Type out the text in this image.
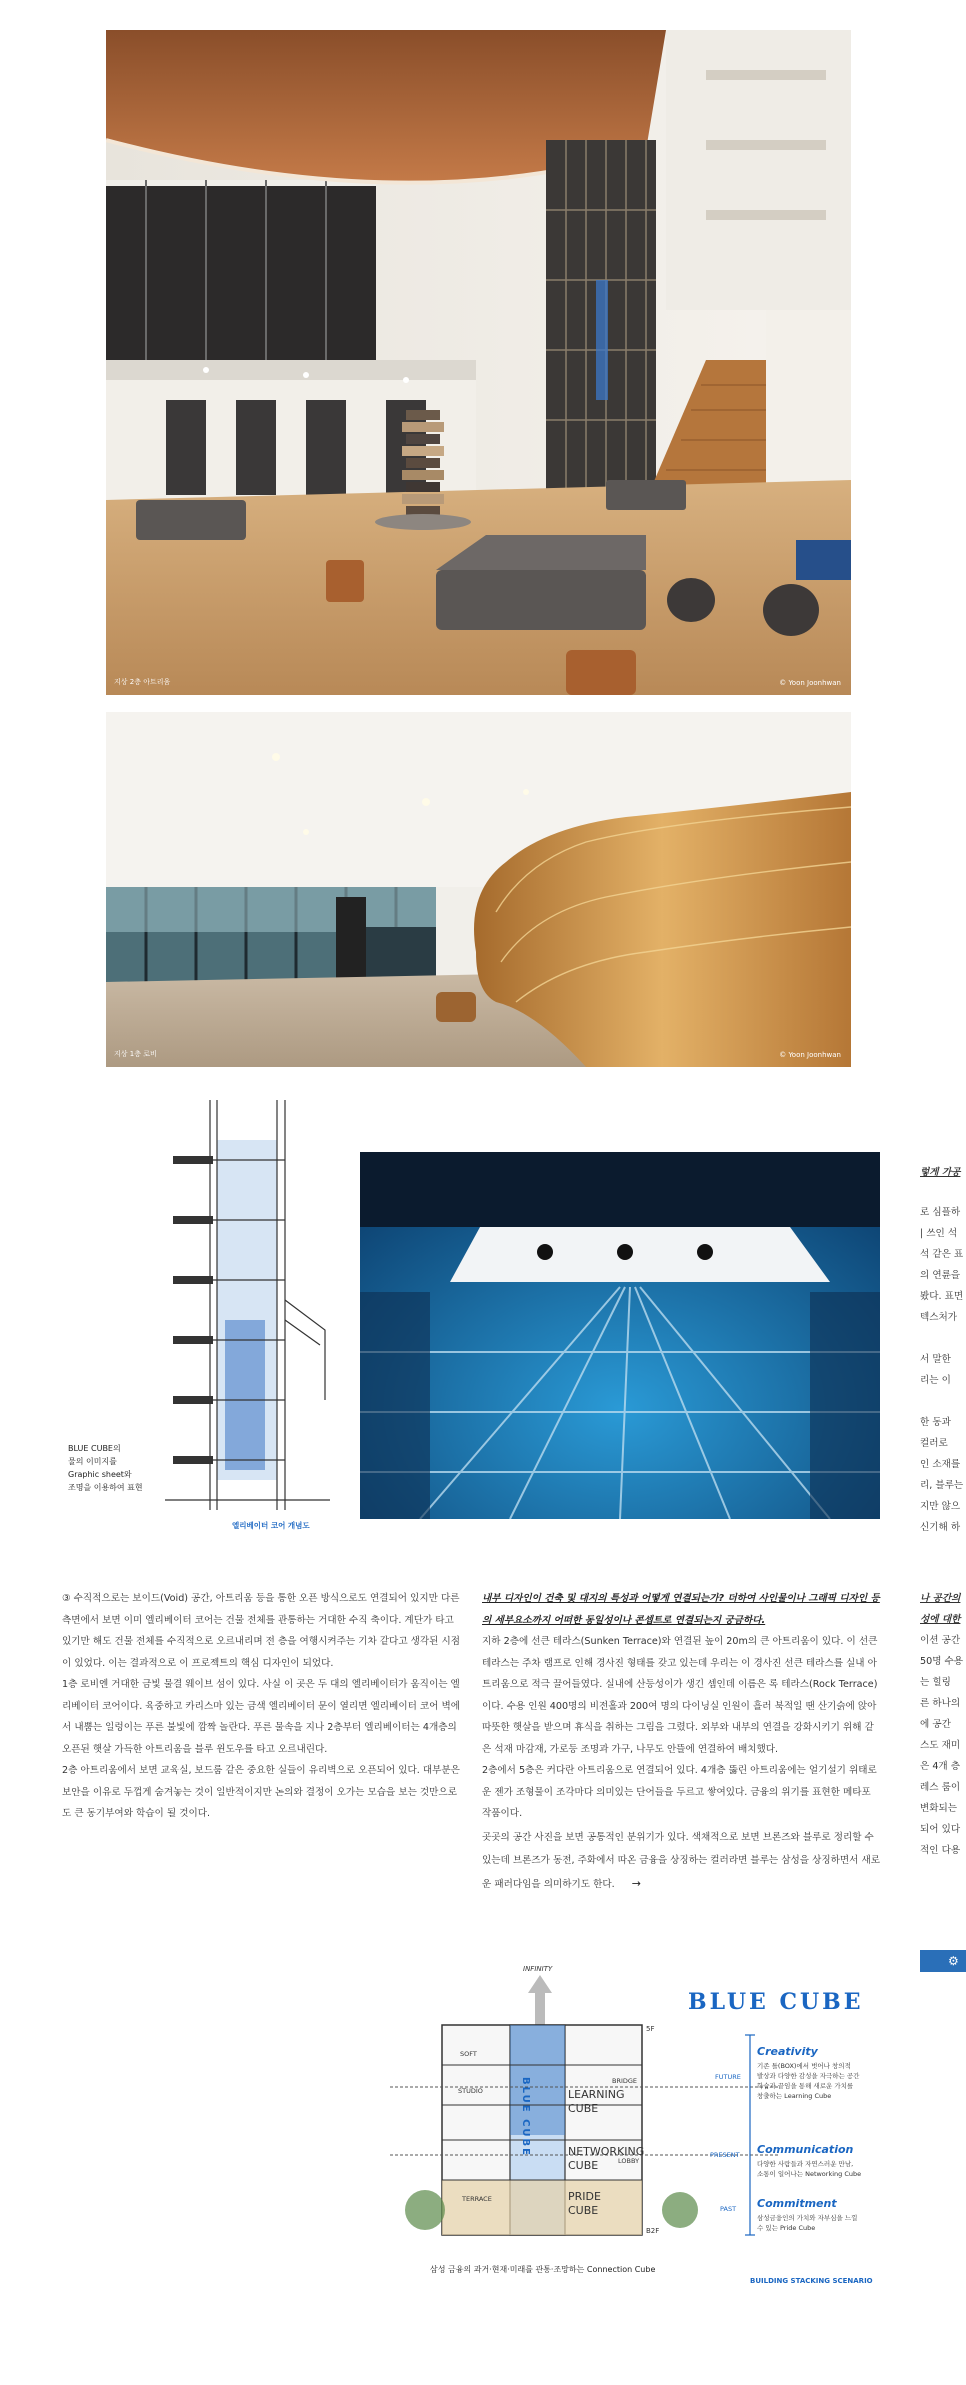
지상 2층 아트리움	© Yoon Joonhwan
지상 1층 로비	© Yoon Joonhwan
BLUE CUBE의
물의 이미지를
Graphic sheet와
조명을 이용하여 표현
엘리베이터 코어 개념도

③ 수직적으로는 보이드(Void) 공간, 아트리움 등을 통한 오픈 방식으로도 연결되어 있지만 다른 측면에서 보면 이미 엘리베이터 코어는 건물 전체를 관통하는 거대한 수직 축이다. 계단가 타고 있기만 해도 건물 전체를 수직적으로 오르내리며 전 층을 여행시켜주는 기차 같다고 생각된 시점이 있었다. 이는 결과적으로 이 프로젝트의 핵심 디자인이 되었다.

1층 로비엔 거대한 금빛 물결 웨이브 섬이 있다. 사실 이 곳은 두 대의 엘리베이터가 움직이는 엘리베이터 코어이다. 육중하고 카리스마 있는 금색 엘리베이터 문이 열리면 엘리베이터 코어 벽에서 내뿜는 일렁이는 푸른 불빛에 깜짝 놀란다. 푸른 물속을 지나 2층부터 엘리베이터는 4개층의 오픈된 햇살 가득한 아트리움을 블루 윈도우를 타고 오르내린다.

2층 아트리움에서 보면 교육실, 보드룸 같은 중요한 실들이 유리벽으로 오픈되어 있다. 대부분은 보안을 이유로 두껍게 숨겨놓는 것이 일반적이지만 논의와 결정이 오가는 모습을 보는 것만으로도 큰 동기부여와 학습이 될 것이다.

내부 디자인이 건축 및 대지의 특성과 어떻게 연결되는가? 더하여 사인물이나 그래픽 디자인 등의 세부요소까지 어떠한 동일성이나 콘셉트로 연결되는지 궁금하다.

지하 2층에 선큰 테라스(Sunken Terrace)와 연결된 높이 20m의 큰 아트리움이 있다. 이 선큰 테라스는 주차 램프로 인해 경사진 형태를 갖고 있는데 우리는 이 경사진 선큰 테라스를 실내 아트리움으로 적극 끌어들였다. 실내에 산등성이가 생긴 셈인데 이름은 록 테라스(Rock Terrace)이다. 수용 인원 400명의 비전홀과 200여 명의 다이닝실 인원이 흘러 북적일 땐 산기슭에 앉아 따뜻한 햇살을 받으며 휴식을 취하는 그림을 그렸다. 외부와 내부의 연결을 강화시키기 위해 같은 석재 마감재, 가로등 조명과 가구, 나무도 안뜰에 연결하여 배치했다.

2층에서 5층은 커다란 아트리움으로 연결되어 있다. 4개층 뚫린 아트리움에는 얼기설기 위태로운 젠가 조형물이 조각마다 의미있는 단어들을 두르고 쌓여있다. 금융의 위기를 표현한 메타포 작품이다.

곳곳의 공간 사진을 보면 공통적인 분위기가 있다. 색채적으로 보면 브론즈와 블루로 정리할 수 있는데 브론즈가 동전, 주화에서 따온 금융을 상징하는 컬러라면 블루는 삼성을 상징하면서 새로운 패러다임을 의미하기도 한다. →
렇게 가공
로 심플하
| 쓰인 석
석 같은 표
의 연륜을
봤다. 표면
텍스처가
서 말한
리는 이
한 동과
컬러로
인 소재를
리, 블루는
지만 않으
신기해 하
나 공간의
성에 대한
이션 공간
50명 수용
는 힐링
른 하나의
에 공간
스도 재미
은 4개 층
레스 룸이
변화되는
되어 있다
적인 다용
⚙
BLUE CUBE
INFINITY
5F
B2F
SOFT
STUDIO
BRIDGE
LEARNING
CUBE
NETWORKING
CUBE	LOBBY
PRIDE
CUBE
TERRACE
FUTURE
PRESENT
PAST
BLUE CUBE
Creativity
기존 틀(BOX)에서 벗어나 창의적
발상과 다양한 감성을 자극하는 공간
학습과 끝임을 통해 새로운 가치를
창출하는 Learning Cube
Communication
다양한 사람들과 자연스러운 만남,
소통이 일어나는 Networking Cube
Commitment
삼성금융인의 가치와 자부심을 느낄
수 있는 Pride Cube
삼성 금융의 과거·현재·미래를 관통·조망하는 Connection Cube
BUILDING STACKING SCENARIO
